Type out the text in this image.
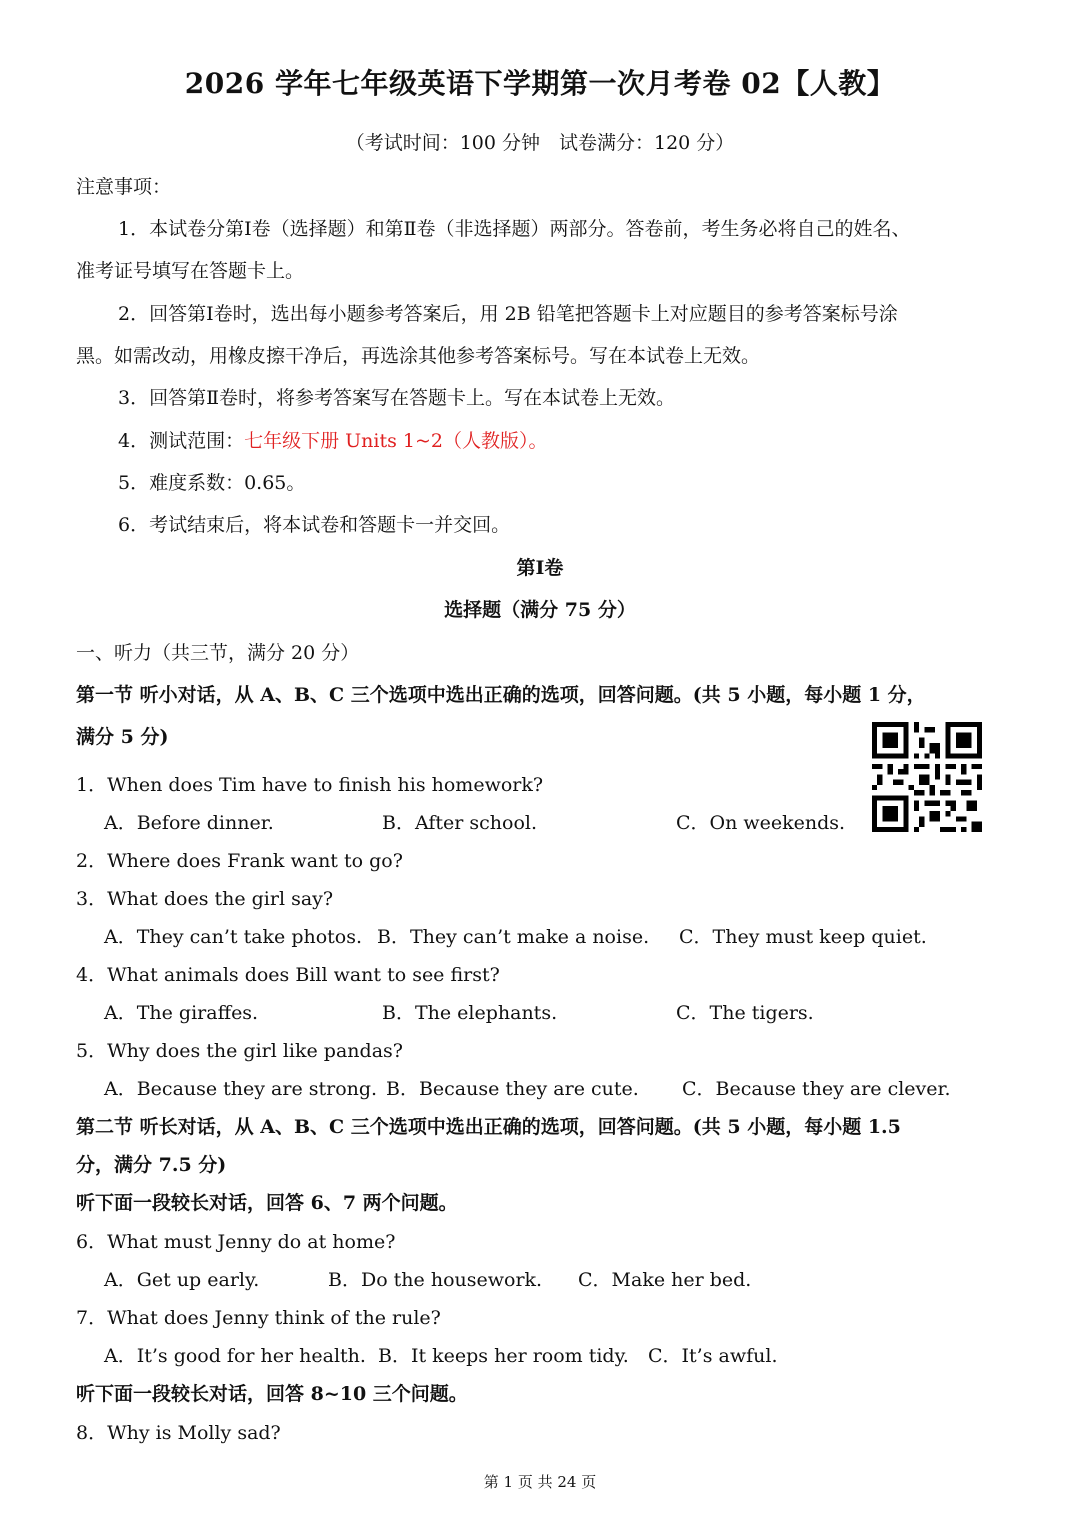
2026 学年七年级英语下学期第一次月考卷 02【人教】
（考试时间：100 分钟　试卷满分：120 分）
注意事项：
1．本试卷分第Ⅰ卷（选择题）和第Ⅱ卷（非选择题）两部分。答卷前，考生务必将自己的姓名、
准考证号填写在答题卡上。
2．回答第Ⅰ卷时，选出每小题参考答案后，用 2B 铅笔把答题卡上对应题目的参考答案标号涂
黑。如需改动，用橡皮擦干净后，再选涂其他参考答案标号。写在本试卷上无效。
3．回答第Ⅱ卷时，将参考答案写在答题卡上。写在本试卷上无效。
4．测试范围：七年级下册 Units 1~2（人教版）。
5．难度系数：0.65。
6．考试结束后，将本试卷和答题卡一并交回。
第Ⅰ卷
选择题（满分 75 分）
一、听力（共三节，满分 20 分）
第一节 听小对话，从 A、B、C 三个选项中选出正确的选项，回答问题。(共 5 小题，每小题 1 分，
满分 5 分)
1．When does Tim have to finish his homework?
A．Before dinner.	B．After school.	C．On weekends.
2．Where does Frank want to go?
3．What does the girl say?
A．They can’t take photos. B．They can’t make a noise. C．They must keep quiet.
4．What animals does Bill want to see first?
A．The giraffes.	B．The elephants.	C．The tigers.
5．Why does the girl like pandas?
A．Because they are strong. B．Because they are cute. C．Because they are clever.
第二节 听长对话，从 A、B、C 三个选项中选出正确的选项，回答问题。(共 5 小题，每小题 1.5
分，满分 7.5 分)
听下面一段较长对话，回答 6、7 两个问题。
6．What must Jenny do at home?
A．Get up early.	B．Do the housework. C．Make her bed.
7．What does Jenny think of the rule?
A．It’s good for her health. B．It keeps her room tidy. C．It’s awful.
听下面一段较长对话，回答 8~10 三个问题。
8．Why is Molly sad?
第 1 页 共 24 页
